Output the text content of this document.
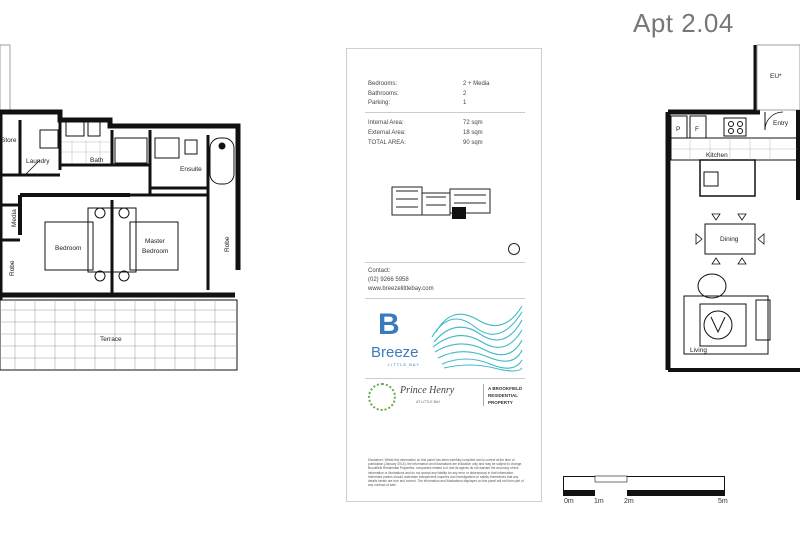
Apt 2.04
Store
Laundry	Bath
Ensuite
Media
Bedroom
Master
Bedroom
Robe
Robe
Terrace
Kitchen
Dining
Living
Entry
EU*
P F
Bedrooms:	2 + Media
Bathrooms:	2
Parking:	1
Internal Area:	72 sqm
External Area:	18 sqm
TOTAL AREA:	90 sqm
Contact:
(02) 9266 5958
www.breezelittlebay.com
B
Breeze
LITTLE BAY
Prince Henry
AT LITTLE BAY
A BROOKFIELD
RESIDENTIAL
PROPERTY
Disclaimer: Whilst this information on this panel has been carefully compiled and is correct at the time of publication (January 2014), the information and illustrations are indicative only and may be subject to change. Brookfield Residential Properties, companies related to it and its agents do not warrant the accuracy of this information or illustrations and do not accept any liability for any error or discrepancy in that information. Interested parties should undertake independent inquiries and investigations to satisfy themselves that any details herein are true and correct. The information and illustrations displayed on this panel will not form part of any contract of sale.
0m	1m	2m	5m
